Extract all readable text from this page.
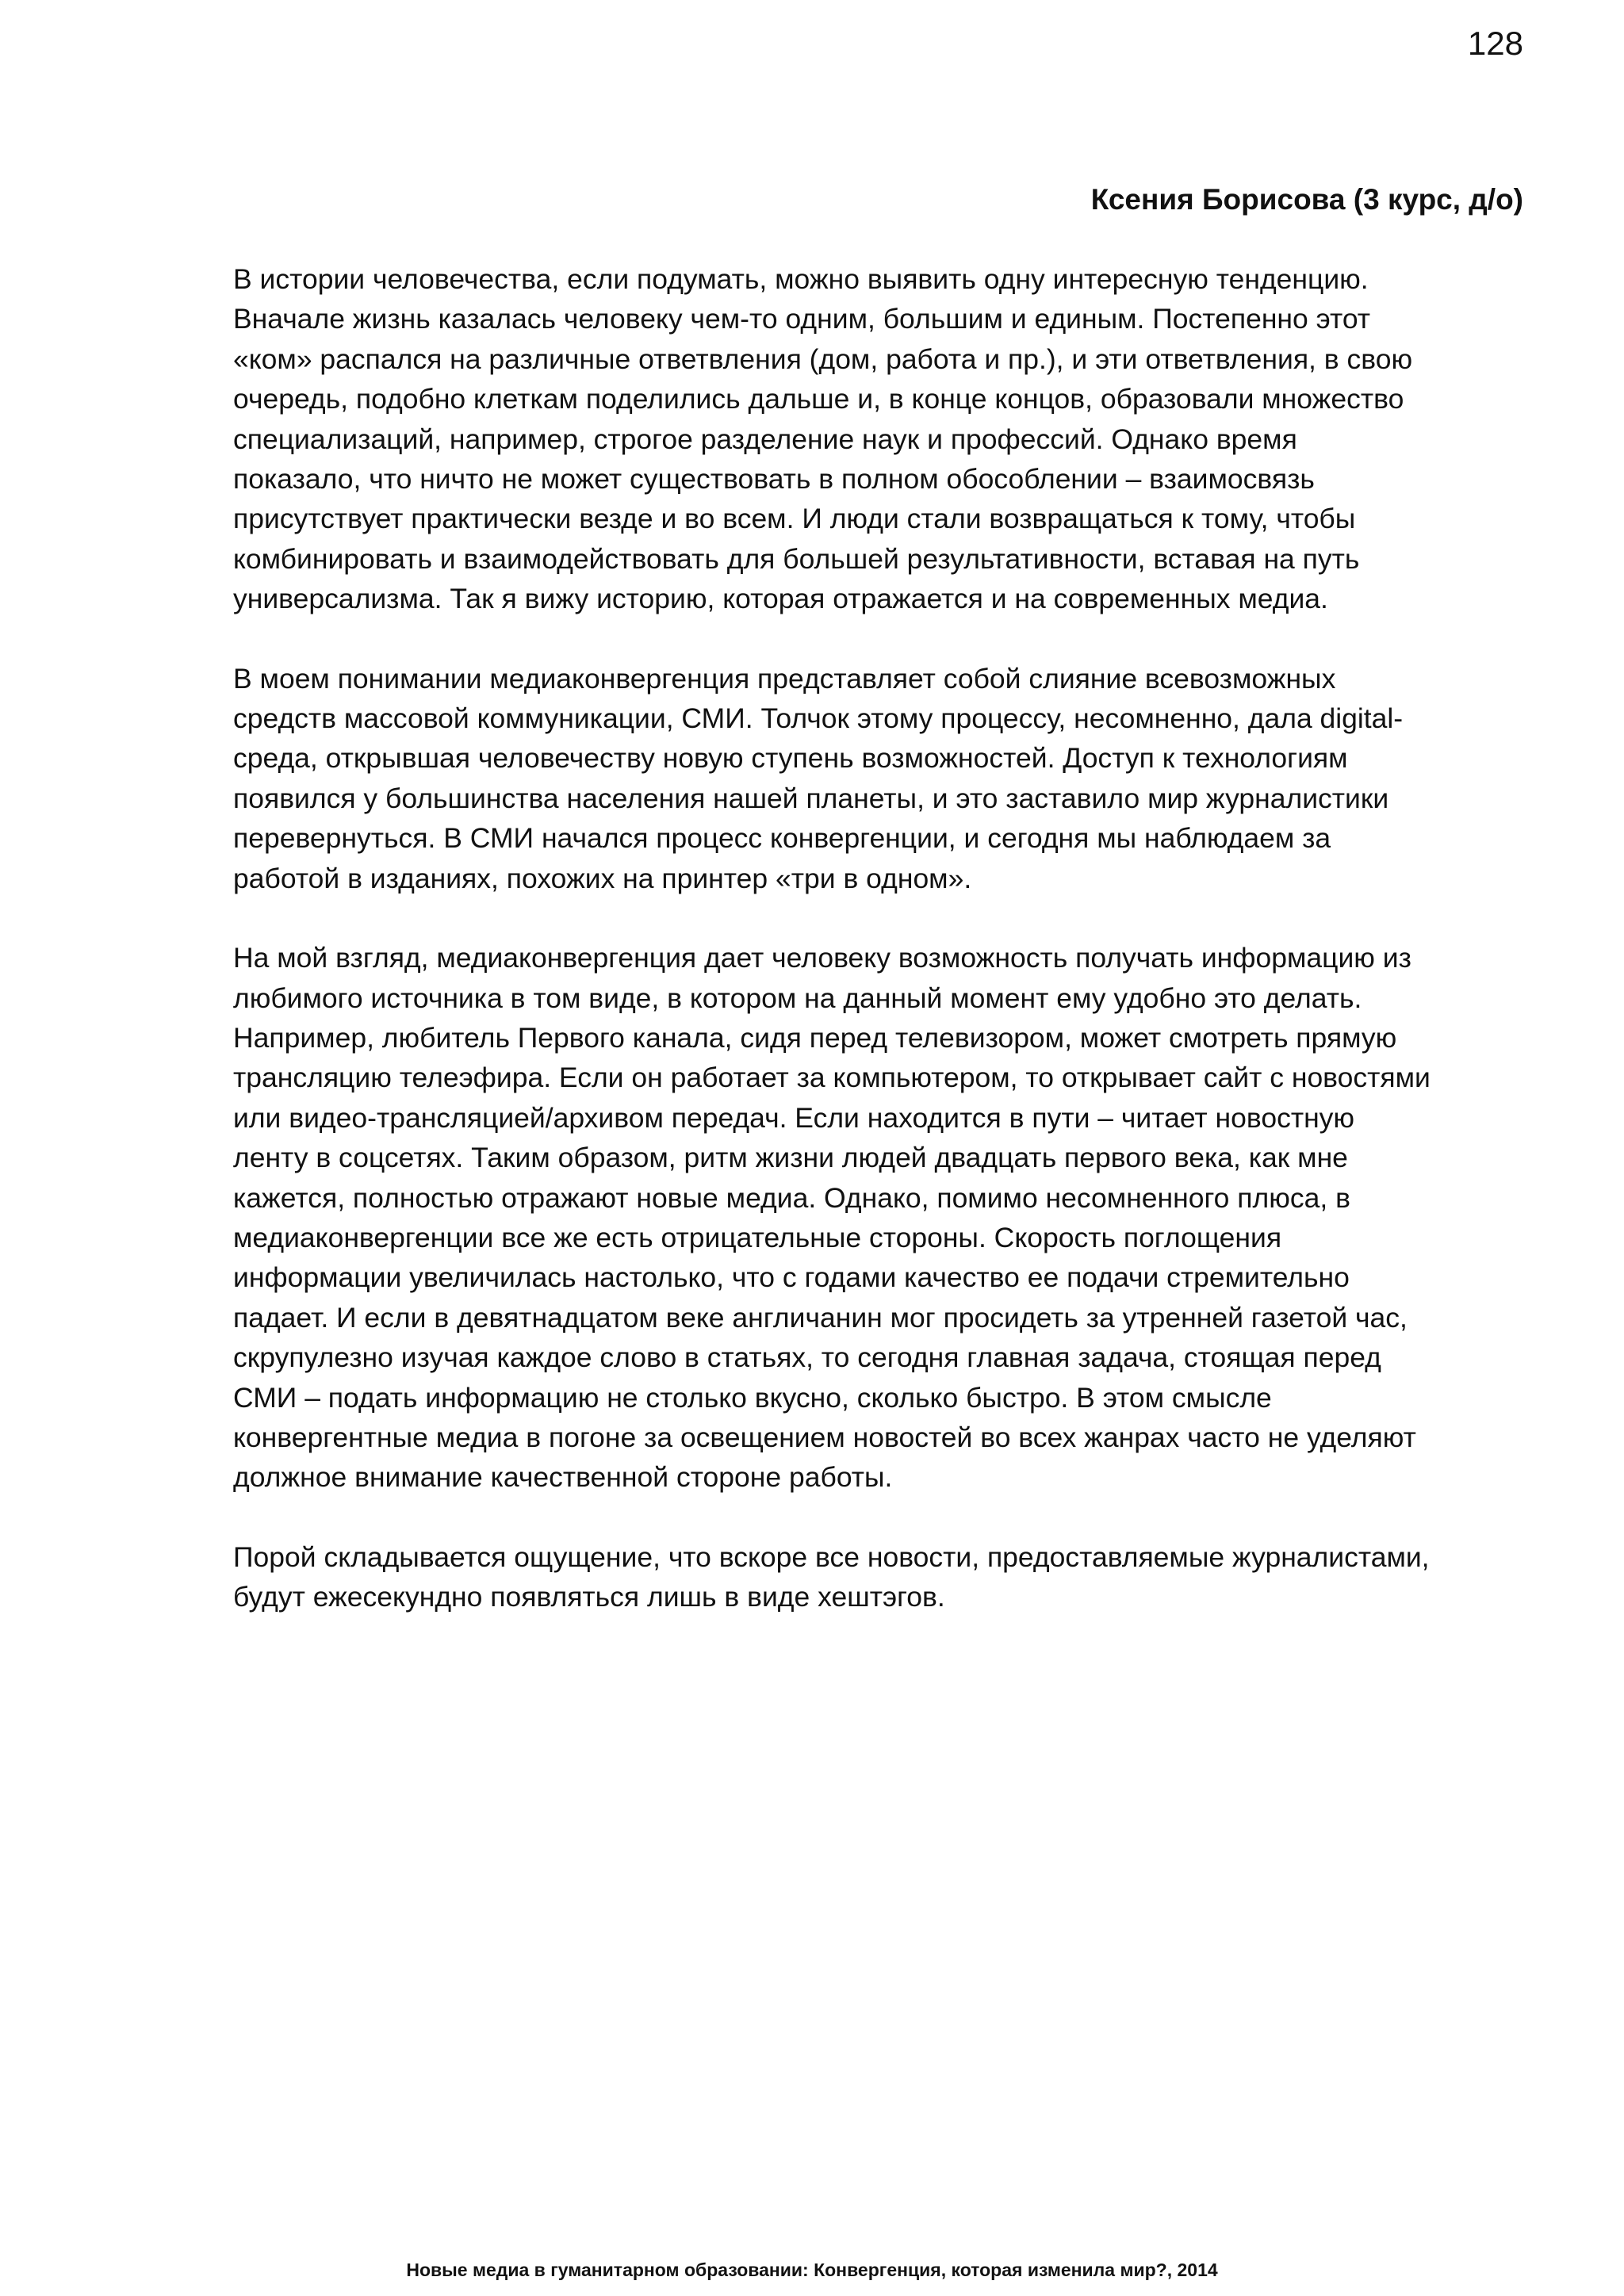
128
Ксения Борисова (3 курс, д/о)

В истории человечества, если подумать, можно выявить одну интересную тенденцию.
Вначале жизнь казалась человеку чем-то одним, большим и единым. Постепенно этот
«ком» распался на различные ответвления (дом, работа и пр.), и эти ответвления, в свою
очередь, подобно клеткам поделились дальше и, в конце концов, образовали множество
специализаций, например, строгое разделение наук и профессий. Однако время
показало, что ничто не может существовать в полном обособлении – взаимосвязь
присутствует практически везде и во всем. И люди стали возвращаться к тому, чтобы
комбинировать и взаимодействовать для большей результативности, вставая на путь
универсализма. Так я вижу историю, которая отражается и на современных медиа.

В моем понимании медиаконвергенция представляет собой слияние всевозможных
средств массовой коммуникации, СМИ. Толчок этому процессу, несомненно, дала digital-
среда, открывшая человечеству новую ступень возможностей. Доступ к технологиям
появился у большинства населения нашей планеты, и это заставило мир журналистики
перевернуться. В СМИ начался процесс конвергенции, и сегодня мы наблюдаем за
работой в изданиях, похожих на принтер «три в одном».

На мой взгляд, медиаконвергенция дает человеку возможность получать информацию из
любимого источника в том виде, в котором на данный момент ему удобно это делать.
Например, любитель Первого канала, сидя перед телевизором, может смотреть прямую
трансляцию телеэфира. Если он работает за компьютером, то открывает сайт с новостями
или видео-трансляцией/архивом передач. Если находится в пути – читает новостную
ленту в соцсетях. Таким образом, ритм жизни людей двадцать первого века, как мне
кажется, полностью отражают новые медиа. Однако, помимо несомненного плюса, в
медиаконвергенции все же есть отрицательные стороны. Скорость поглощения
информации увеличилась настолько, что с годами качество ее подачи стремительно
падает. И если в девятнадцатом веке англичанин мог просидеть за утренней газетой час,
скрупулезно изучая каждое слово в статьях, то сегодня главная задача, стоящая перед
СМИ – подать информацию не столько вкусно, сколько быстро. В этом смысле
конвергентные медиа в погоне за освещением новостей во всех жанрах часто не уделяют
должное внимание качественной стороне работы.

Порой складывается ощущение, что вскоре все новости, предоставляемые журналистами,
будут ежесекундно появляться лишь в виде хештэгов.

Новые медиа в гуманитарном образовании: Конвергенция, которая изменила мир?, 2014
